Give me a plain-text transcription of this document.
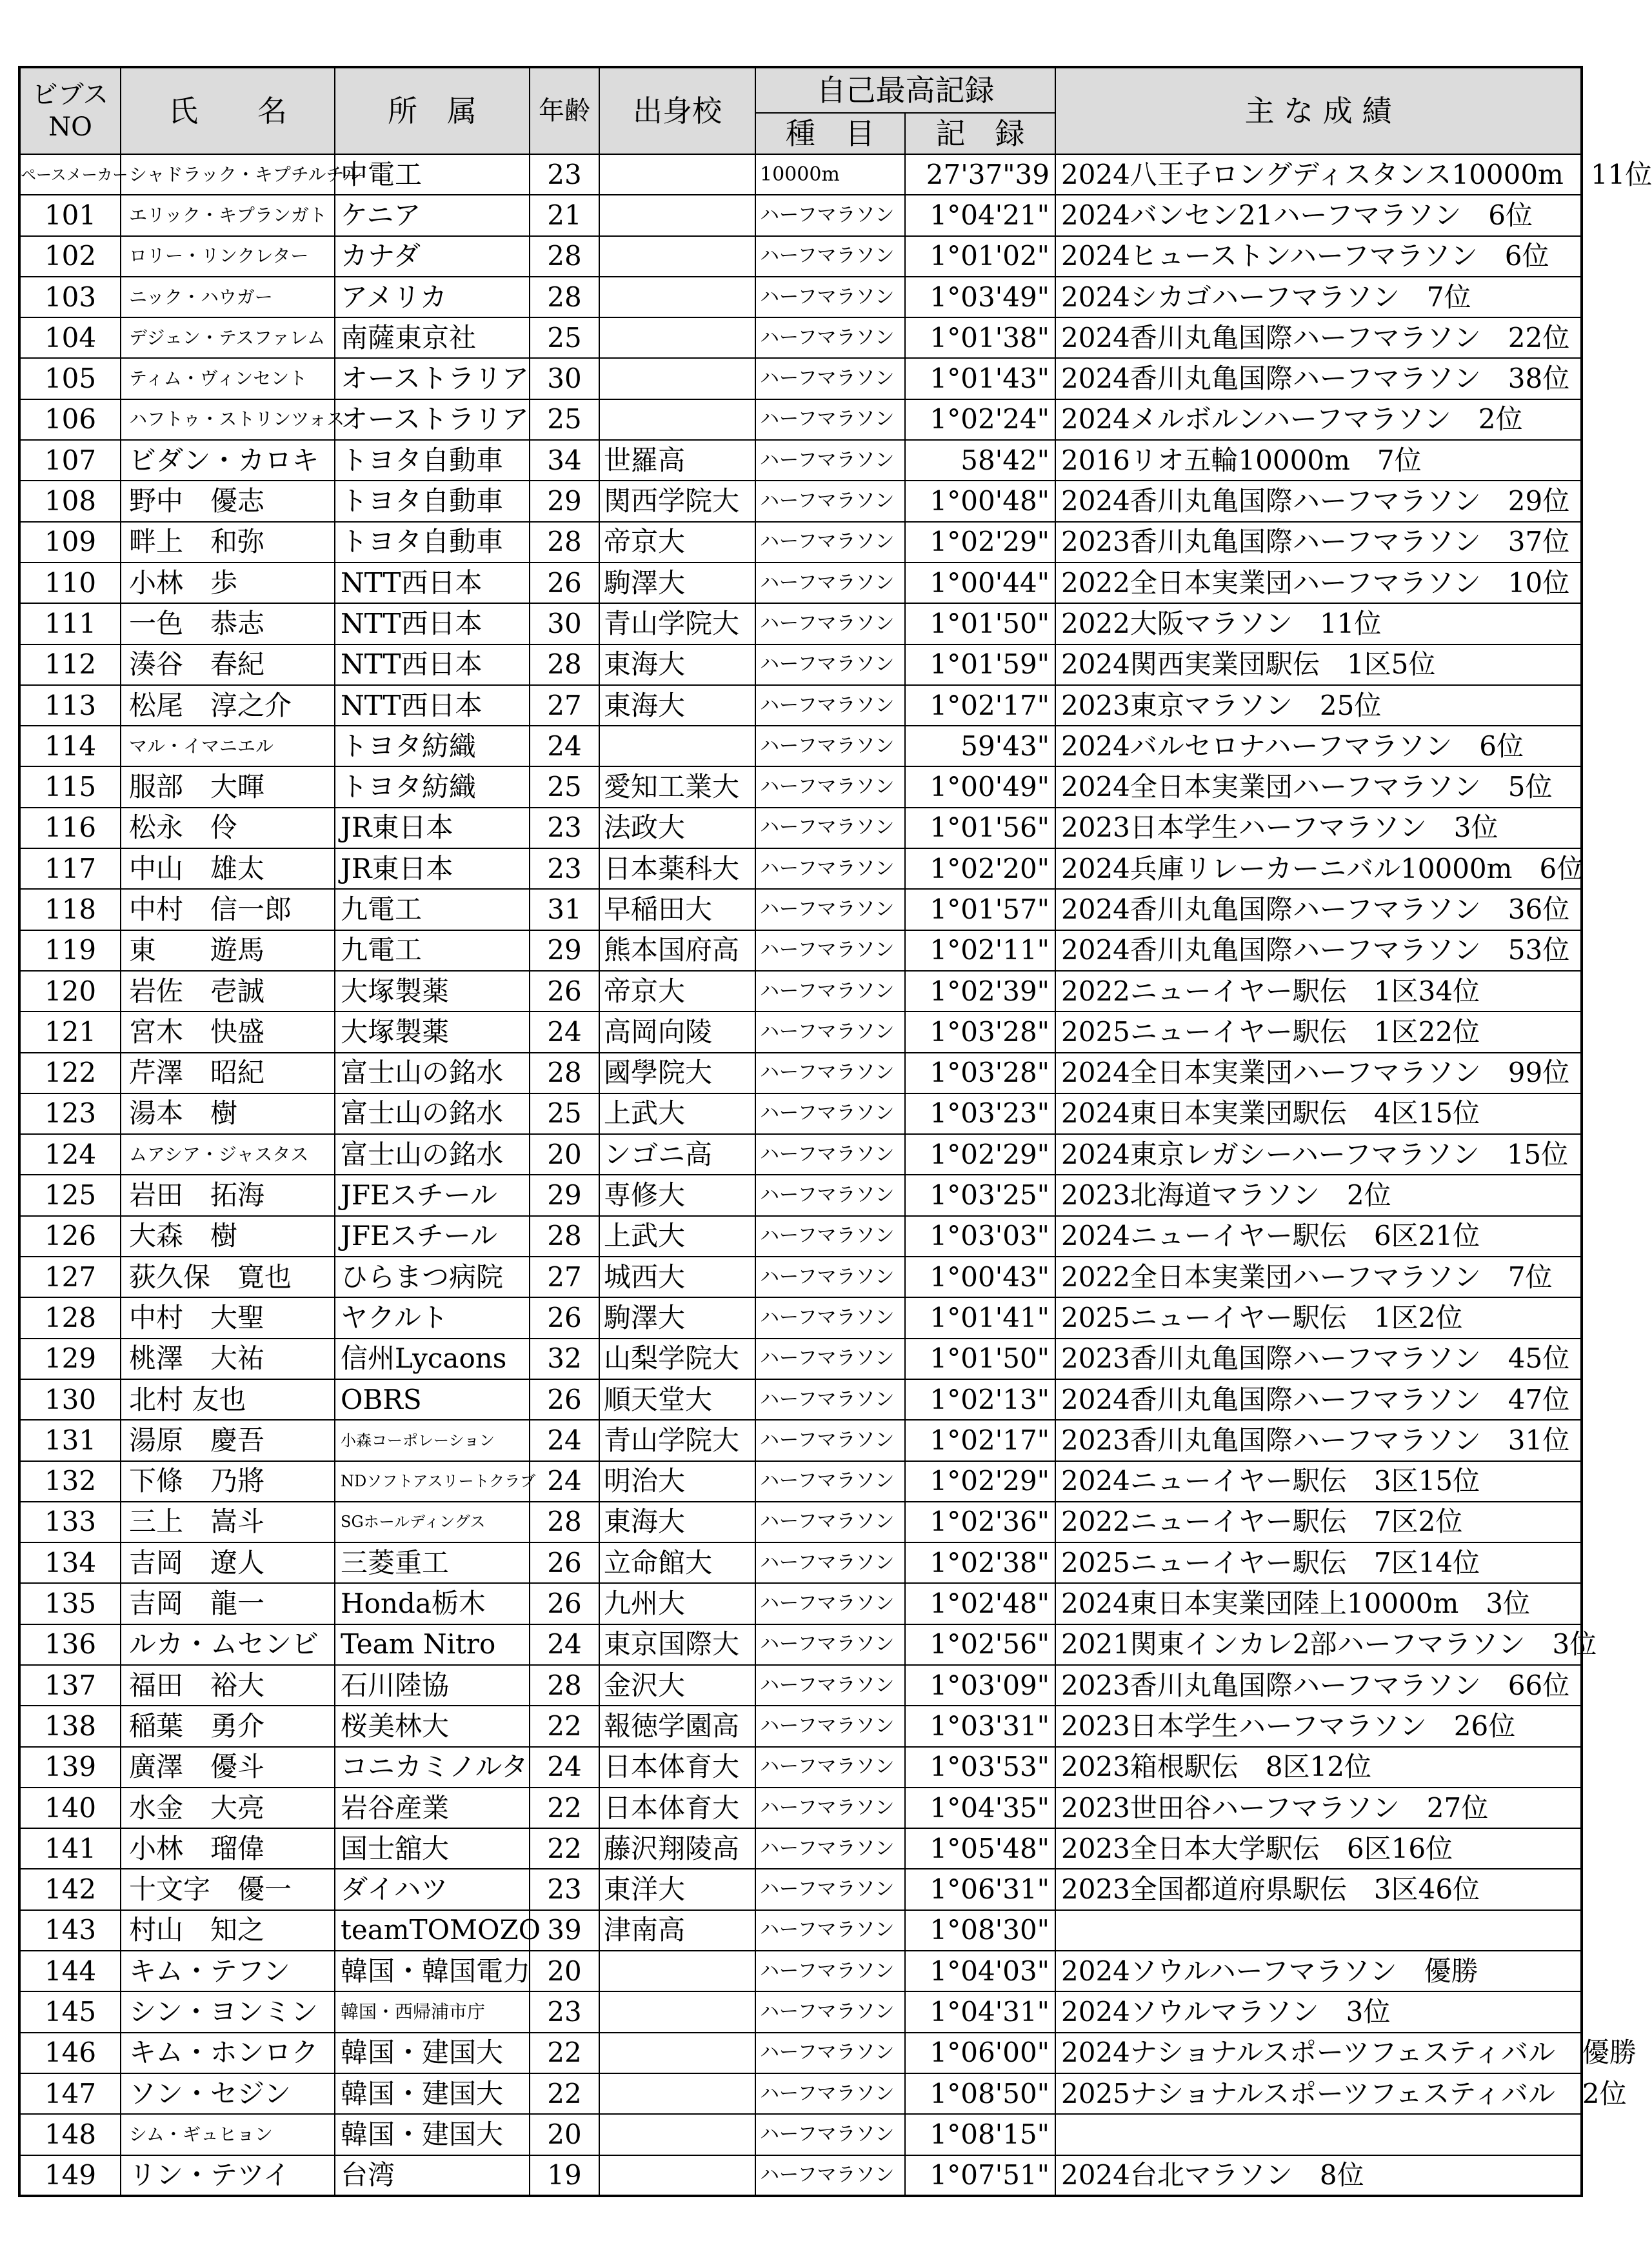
ビブス
NO	氏　　名	所　属	年齢	出身校	自己最高記録		主 な 成 績
					種　目	記　録	
ペースメーカー	シャドラック・キプチルチル	中電工	23		10000m	27'37"39	2024八王子ロングディスタンス10000m　11位
101	エリック・キプランガト	ケニア	21		ハーフマラソン	1°04'21"	2024バンセン21ハーフマラソン　6位
102	ロリー・リンクレター	カナダ	28		ハーフマラソン	1°01'02"	2024ヒューストンハーフマラソン　6位
103	ニック・ハウガー	アメリカ	28		ハーフマラソン	1°03'49"	2024シカゴハーフマラソン　7位
104	デジェン・テスファレム	南薩東京社	25		ハーフマラソン	1°01'38"	2024香川丸亀国際ハーフマラソン　22位
105	ティム・ヴィンセント	オーストラリア	30		ハーフマラソン	1°01'43"	2024香川丸亀国際ハーフマラソン　38位
106	ハフトゥ・ストリンツォス	オーストラリア	25		ハーフマラソン	1°02'24"	2024メルボルンハーフマラソン　2位
107	ビダン・カロキ	トヨタ自動車	34	世羅高	ハーフマラソン	58'42"	2016リオ五輪10000m　7位
108	野中　優志	トヨタ自動車	29	関西学院大	ハーフマラソン	1°00'48"	2024香川丸亀国際ハーフマラソン　29位
109	畔上　和弥	トヨタ自動車	28	帝京大	ハーフマラソン	1°02'29"	2023香川丸亀国際ハーフマラソン　37位
110	小林　歩	NTT西日本	26	駒澤大	ハーフマラソン	1°00'44"	2022全日本実業団ハーフマラソン　10位
111	一色　恭志	NTT西日本	30	青山学院大	ハーフマラソン	1°01'50"	2022大阪マラソン　11位
112	湊谷　春紀	NTT西日本	28	東海大	ハーフマラソン	1°01'59"	2024関西実業団駅伝　1区5位
113	松尾　淳之介	NTT西日本	27	東海大	ハーフマラソン	1°02'17"	2023東京マラソン　25位
114	マル・イマニエル	トヨタ紡織	24		ハーフマラソン	59'43"	2024バルセロナハーフマラソン　6位
115	服部　大暉	トヨタ紡織	25	愛知工業大	ハーフマラソン	1°00'49"	2024全日本実業団ハーフマラソン　5位
116	松永　伶	JR東日本	23	法政大	ハーフマラソン	1°01'56"	2023日本学生ハーフマラソン　3位
117	中山　雄太	JR東日本	23	日本薬科大	ハーフマラソン	1°02'20"	2024兵庫リレーカーニバル10000m　6位
118	中村　信一郎	九電工	31	早稲田大	ハーフマラソン	1°01'57"	2024香川丸亀国際ハーフマラソン　36位
119	東　　遊馬	九電工	29	熊本国府高	ハーフマラソン	1°02'11"	2024香川丸亀国際ハーフマラソン　53位
120	岩佐　壱誠	大塚製薬	26	帝京大	ハーフマラソン	1°02'39"	2022ニューイヤー駅伝　1区34位
121	宮木　快盛	大塚製薬	24	高岡向陵	ハーフマラソン	1°03'28"	2025ニューイヤー駅伝　1区22位
122	芹澤　昭紀	富士山の銘水	28	國學院大	ハーフマラソン	1°03'28"	2024全日本実業団ハーフマラソン　99位
123	湯本　樹	富士山の銘水	25	上武大	ハーフマラソン	1°03'23"	2024東日本実業団駅伝　4区15位
124	ムアシア・ジャスタス	富士山の銘水	20	ンゴニ高	ハーフマラソン	1°02'29"	2024東京レガシーハーフマラソン　15位
125	岩田　拓海	JFEスチール	29	専修大	ハーフマラソン	1°03'25"	2023北海道マラソン　2位
126	大森　樹	JFEスチール	28	上武大	ハーフマラソン	1°03'03"	2024ニューイヤー駅伝　6区21位
127	荻久保　寛也	ひらまつ病院	27	城西大	ハーフマラソン	1°00'43"	2022全日本実業団ハーフマラソン　7位
128	中村　大聖	ヤクルト	26	駒澤大	ハーフマラソン	1°01'41"	2025ニューイヤー駅伝　1区2位
129	桃澤　大祐	信州Lycaons	32	山梨学院大	ハーフマラソン	1°01'50"	2023香川丸亀国際ハーフマラソン　45位
130	北村 友也	OBRS	26	順天堂大	ハーフマラソン	1°02'13"	2024香川丸亀国際ハーフマラソン　47位
131	湯原　慶吾	小森コーポレーション	24	青山学院大	ハーフマラソン	1°02'17"	2023香川丸亀国際ハーフマラソン　31位
132	下條　乃將	NDソフトアスリートクラブ	24	明治大	ハーフマラソン	1°02'29"	2024ニューイヤー駅伝　3区15位
133	三上　嵩斗	SGホールディングス	28	東海大	ハーフマラソン	1°02'36"	2022ニューイヤー駅伝　7区2位
134	吉岡　遼人	三菱重工	26	立命館大	ハーフマラソン	1°02'38"	2025ニューイヤー駅伝　7区14位
135	吉岡　龍一	Honda栃木	26	九州大	ハーフマラソン	1°02'48"	2024東日本実業団陸上10000m　3位
136	ルカ・ムセンビ	Team Nitro	24	東京国際大	ハーフマラソン	1°02'56"	2021関東インカレ2部ハーフマラソン　3位
137	福田　裕大	石川陸協	28	金沢大	ハーフマラソン	1°03'09"	2023香川丸亀国際ハーフマラソン　66位
138	稲葉　勇介	桜美林大	22	報徳学園高	ハーフマラソン	1°03'31"	2023日本学生ハーフマラソン　26位
139	廣澤　優斗	コニカミノルタ	24	日本体育大	ハーフマラソン	1°03'53"	2023箱根駅伝　8区12位
140	水金　大亮	岩谷産業	22	日本体育大	ハーフマラソン	1°04'35"	2023世田谷ハーフマラソン　27位
141	小林　瑠偉	国士舘大	22	藤沢翔陵高	ハーフマラソン	1°05'48"	2023全日本大学駅伝　6区16位
142	十文字　優一	ダイハツ	23	東洋大	ハーフマラソン	1°06'31"	2023全国都道府県駅伝　3区46位
143	村山　知之	teamTOMOZO	39	津南高	ハーフマラソン	1°08'30"	
144	キム・テフン	韓国・韓国電力	20		ハーフマラソン	1°04'03"	2024ソウルハーフマラソン　優勝
145	シン・ヨンミン	韓国・西帰浦市庁	23		ハーフマラソン	1°04'31"	2024ソウルマラソン　3位
146	キム・ホンロク	韓国・建国大	22		ハーフマラソン	1°06'00"	2024ナショナルスポーツフェスティバル　優勝
147	ソン・セジン	韓国・建国大	22		ハーフマラソン	1°08'50"	2025ナショナルスポーツフェスティバル　2位
148	シム・ギュヒョン	韓国・建国大	20		ハーフマラソン	1°08'15"	
149	リン・テツイ	台湾	19		ハーフマラソン	1°07'51"	2024台北マラソン　8位
